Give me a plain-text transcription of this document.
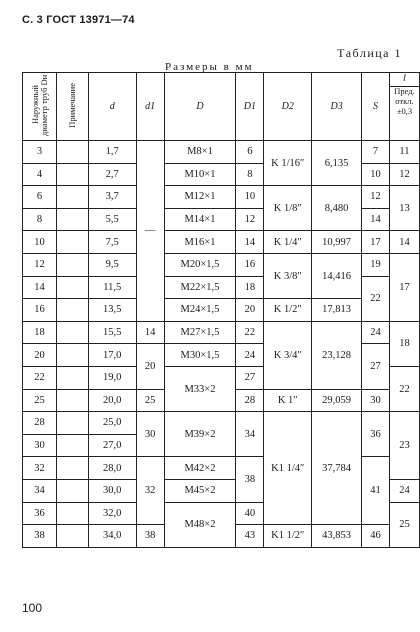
С. 3 ГОСТ 13971—74
Таблица 1
Размеры в мм
Наружный диаметр труб Dн	Примечание	d	d1	D	D1	D2	D3	S	l
Пред. откл. ±0,3

3		1,7	—	M8×1	6	K 1/16″	6,135	7	11
4		2,7		M10×1	8			10	12
6		3,7		M12×1	10	K 1/8″	8,480	12	13
8		5,5		M14×1	12			14	
10		7,5		M16×1	14	K 1/4″	10,997	17	14
12		9,5		M20×1,5	16	K 3/8″	14,416	19	17
14		11,5		M22×1,5	18			22	
16		13,5		M24×1,5	20	K 1/2″	17,813		
18		15,5	14	M27×1,5	22	K 3/4″	23,128	24	18
20		17,0	20	M30×1,5	24			27	
22		19,0		M33×2	27				22
25		20,0	25		28	K 1″	29,059	30	
28		25,0	30	M39×2	34	K1 1/4″	37,784	36	23
30		27,0							
32		28,0	32	M42×2	38			41	
34		30,0		M45×2					24
36		32,0		M48×2	40				25
38		34,0	38		43	K1 1/2″	43,853	46	
100
